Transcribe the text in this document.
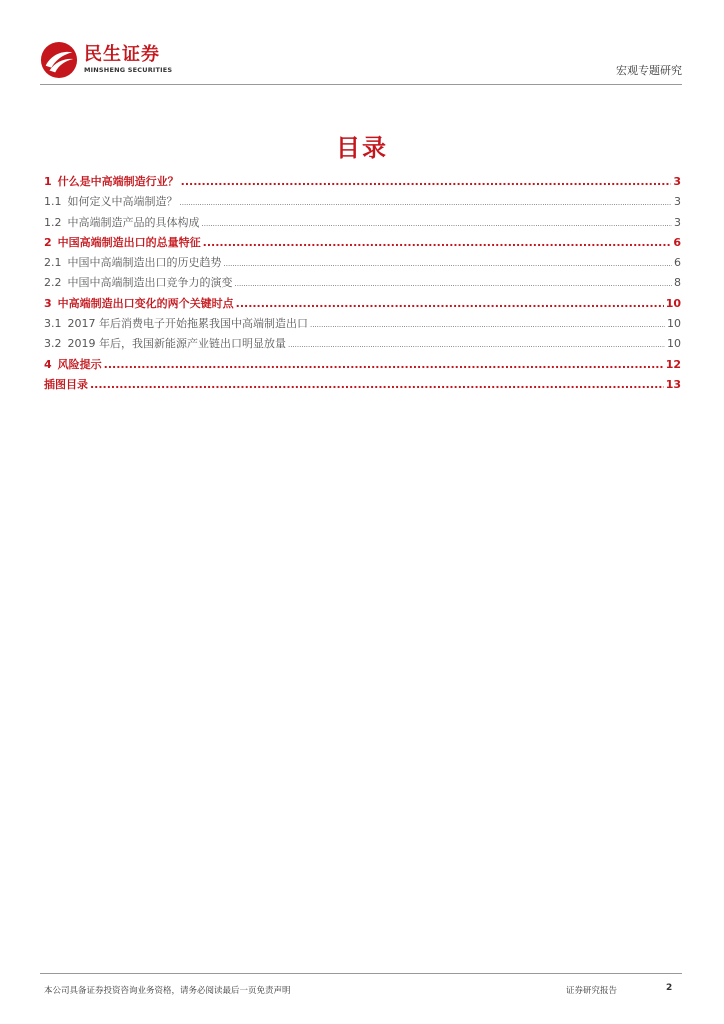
民生证券
MINSHENG SECURITIES	宏观专题研究
目录
1 什么是中高端制造行业？ .....	3
1.1 如何定义中高端制造？ .....	3
1.2 中高端制造产品的具体构成 .....	3
2 中国高端制造出口的总量特征 .....	6
2.1 中国中高端制造出口的历史趋势 .....	6
2.2 中国中高端制造出口竞争力的演变 .....	8
3 中高端制造出口变化的两个关键时点 .....	10
3.1 2017 年后消费电子开始拖累我国中高端制造出口 .....	10
3.2 2019 年后，我国新能源产业链出口明显放量 .....	10
4 风险提示 .....	12
插图目录 .....	13
本公司具备证券投资咨询业务资格，请务必阅读最后一页免责声明	证券研究报告	2
